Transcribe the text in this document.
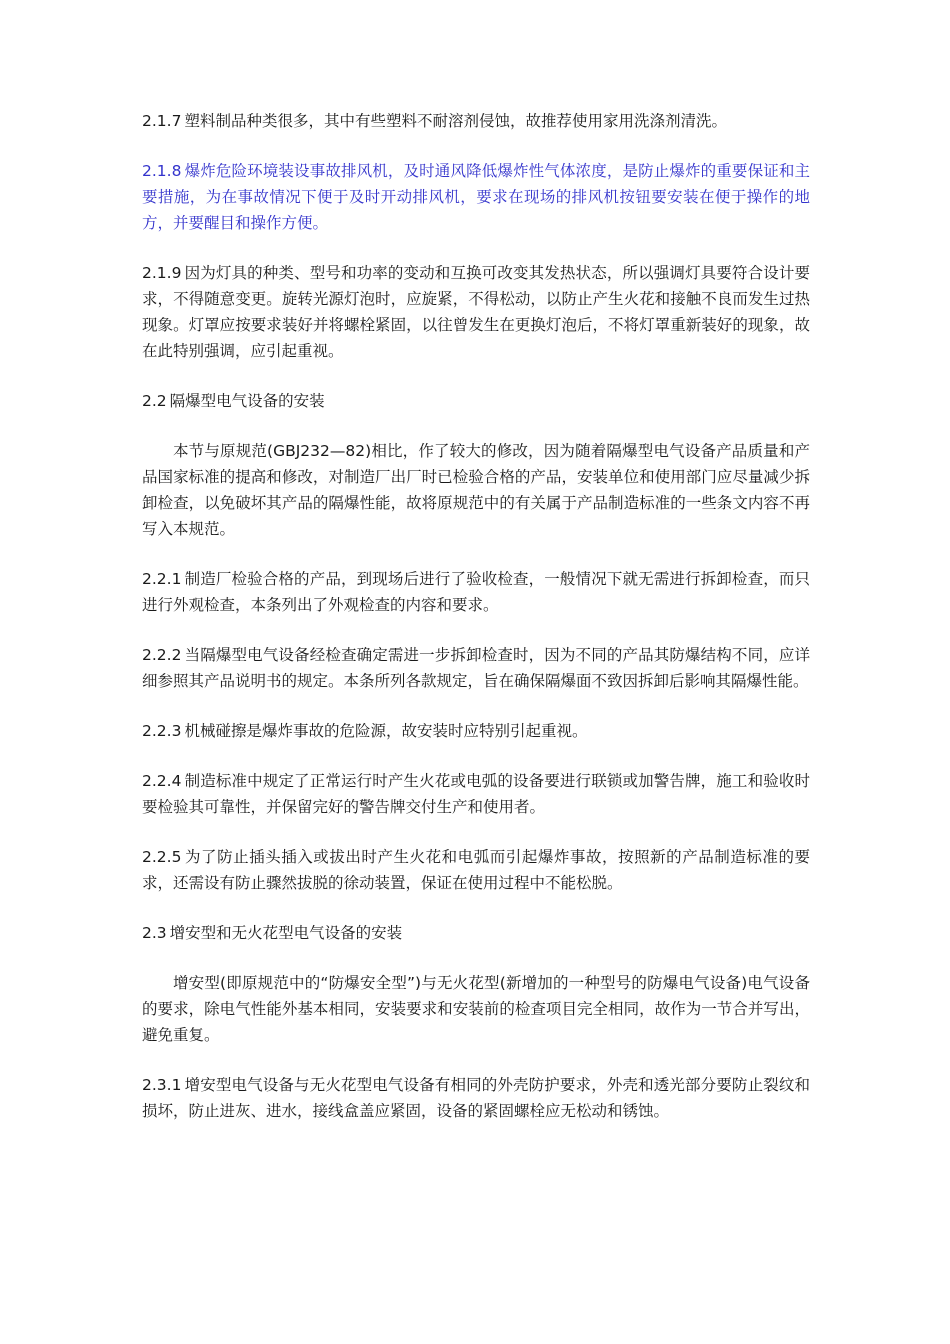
2.1.7 塑料制品种类很多，其中有些塑料不耐溶剂侵蚀，故推荐使用家用洗涤剂清洗。

2.1.8 爆炸危险环境装设事故排风机，及时通风降低爆炸性气体浓度，是防止爆炸的重要保证和主要措施，为在事故情况下便于及时开动排风机，要求在现场的排风机按钮要安装在便于操作的地方，并要醒目和操作方便。

2.1.9 因为灯具的种类、型号和功率的变动和互换可改变其发热状态，所以强调灯具要符合设计要求，不得随意变更。旋转光源灯泡时，应旋紧，不得松动，以防止产生火花和接触不良而发生过热现象。灯罩应按要求装好并将螺栓紧固，以往曾发生在更换灯泡后，不将灯罩重新装好的现象，故在此特别强调，应引起重视。

2.2 隔爆型电气设备的安装

本节与原规范(GBJ232—82)相比，作了较大的修改，因为随着隔爆型电气设备产品质量和产品国家标准的提高和修改，对制造厂出厂时已检验合格的产品，安装单位和使用部门应尽量减少拆卸检查，以免破坏其产品的隔爆性能，故将原规范中的有关属于产品制造标准的一些条文内容不再写入本规范。

2.2.1 制造厂检验合格的产品，到现场后进行了验收检查，一般情况下就无需进行拆卸检查，而只进行外观检查，本条列出了外观检查的内容和要求。

2.2.2 当隔爆型电气设备经检查确定需进一步拆卸检查时，因为不同的产品其防爆结构不同，应详细参照其产品说明书的规定。本条所列各款规定，旨在确保隔爆面不致因拆卸后影响其隔爆性能。

2.2.3 机械碰擦是爆炸事故的危险源，故安装时应特别引起重视。

2.2.4 制造标准中规定了正常运行时产生火花或电弧的设备要进行联锁或加警告牌，施工和验收时要检验其可靠性，并保留完好的警告牌交付生产和使用者。

2.2.5 为了防止插头插入或拔出时产生火花和电弧而引起爆炸事故，按照新的产品制造标准的要求，还需设有防止骤然拔脱的徐动装置，保证在使用过程中不能松脱。

2.3 增安型和无火花型电气设备的安装

增安型(即原规范中的“防爆安全型”)与无火花型(新增加的一种型号的防爆电气设备)电气设备的要求，除电气性能外基本相同，安装要求和安装前的检查项目完全相同，故作为一节合并写出，避免重复。

2.3.1 增安型电气设备与无火花型电气设备有相同的外壳防护要求，外壳和透光部分要防止裂纹和损坏，防止进灰、进水，接线盒盖应紧固，设备的紧固螺栓应无松动和锈蚀。
